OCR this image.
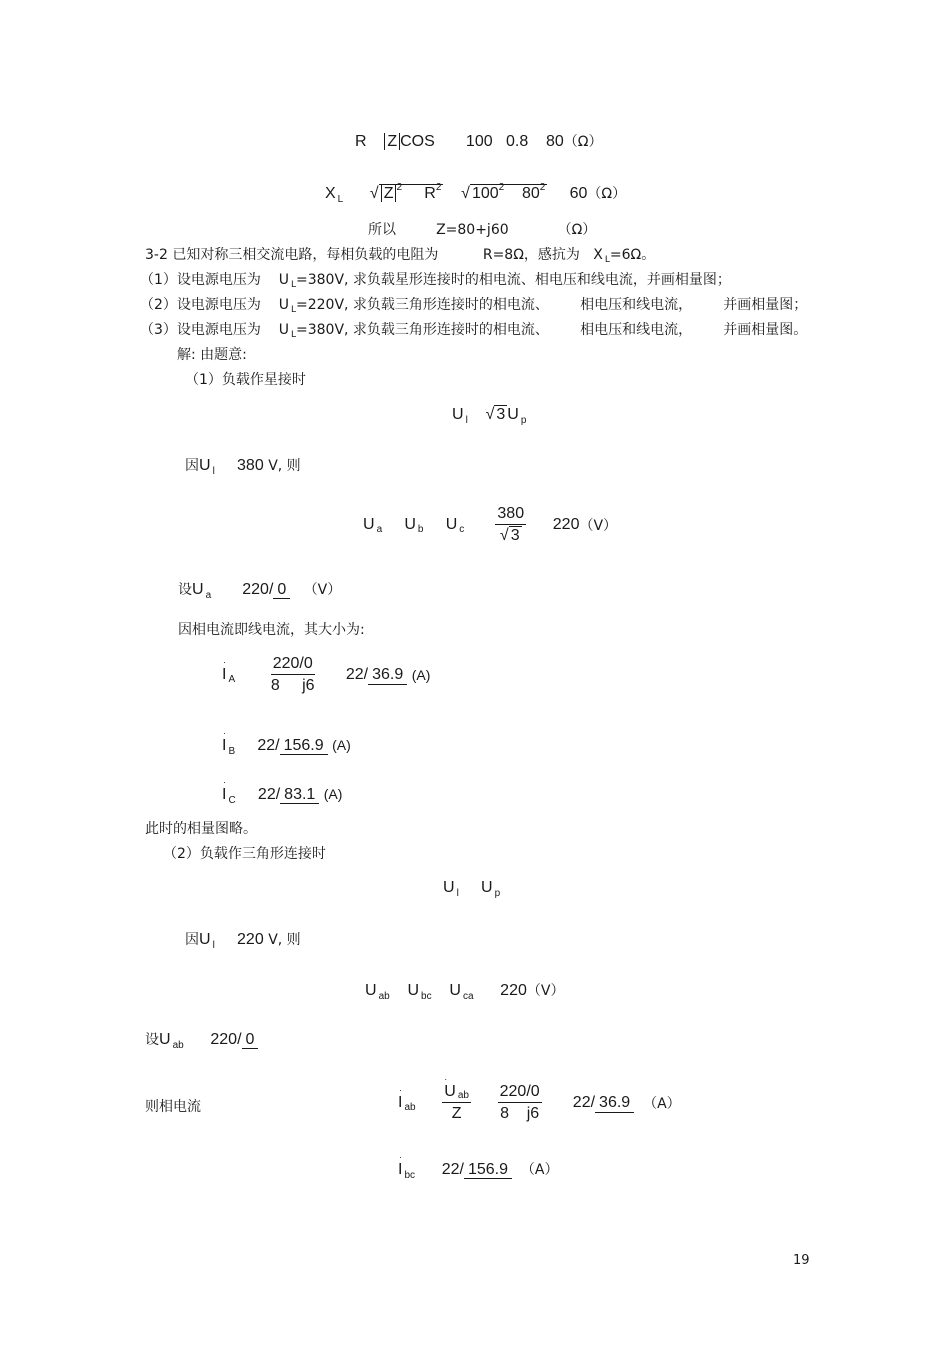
R Z COS 100 0.8 80（Ω）
X $_L$      √ Z $^2$ $R^2$    √ $100^2$ $80^2$ 60（Ω）
所以	Z=80+j60	（Ω）
3-2 已知对称三相交流电路，每相负载的电阻为	R=8Ω，感抗为 X $_L$=6Ω。
（1）设电源电压为 U $_L$=380V, 求负载星形连接时的相电流、相电压和线电流，并画相量图；
（2）设电源电压为 U $_L$=220V, 求负载三角形连接时的相电流、 相电压和线电流， 并画相量图；
（3）设电源电压为 U $_L$=380V, 求负载三角形连接时的相电流、 相电压和线电流， 并画相量图。
解: 由题意:
（1）负载作星接时
U $_l$    √ 3 U $_p$
因U $_l$ 380 V, 则
U a
U b
U c
$\frac{380}{√ 3}$
220 （V）
设U $_a$ 220/ 0 （V）
因相电流即线电流，其大小为:
·
I A
$\frac{220/0}{8 j6}$
22 / 36.9
(A)
·
I $_B$ 22/ 156.9 (A)
·
I $_C$ 22/ 83.1 (A)
此时的相量图略。
（2）负载作三角形连接时
U $_l$ U $_p$
因U $_l$ 220 V, 则
U $_{ab}$ U $_{bc}$ U $_{ca}$ 220（V）
设U $_{ab}$ 220/ 0
则相电流
·
I ab
	·
U ab
Z
$\frac{220/0}{8 j6}$
22 / 36.9
（A）
·
I $_{bc}$ 22/ 156.9 （A）
19
